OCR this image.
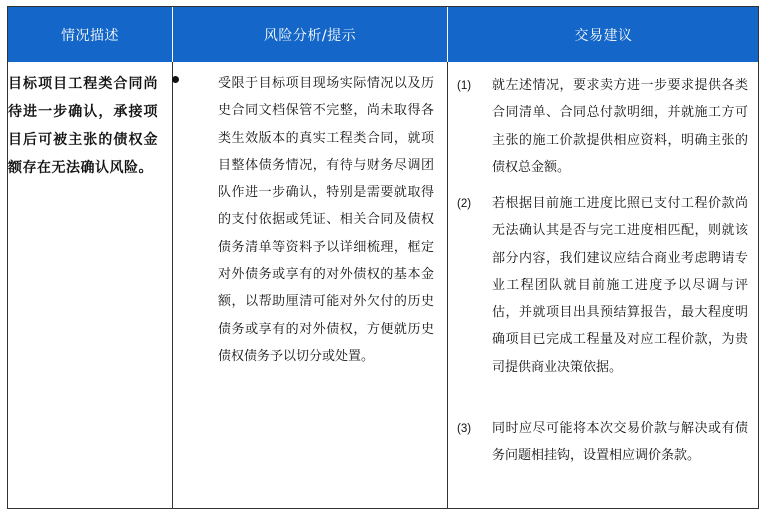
情况描述	风险分析/提示	交易建议
目标项目工程类合同尚待进一步确认，承接项目后可被主张的债权金额存在无法确认风险。
受限于目标项目现场实际情况以及历史合同文档保管不完整，尚未取得各类生效版本的真实工程类合同，就项目整体债务情况，有待与财务尽调团队作进一步确认，特别是需要就取得的支付依据或凭证、相关合同及债权债务清单等资料予以详细梳理，框定对外债务或享有的对外债权的基本金额，以帮助厘清可能对外欠付的历史债务或享有的对外债权，方便就历史债权债务予以切分或处置。
(1) 就左述情况，要求卖方进一步要求提供各类合同清单、合同总付款明细，并就施工方可主张的施工价款提供相应资料，明确主张的债权总金额。
(2) 若根据目前施工进度比照已支付工程价款尚无法确认其是否与完工进度相匹配，则就该部分内容，我们建议应结合商业考虑聘请专业工程团队就目前施工进度予以尽调与评估，并就项目出具预结算报告，最大程度明确项目已完成工程量及对应工程价款，为贵司提供商业决策依据。
(3) 同时应尽可能将本次交易价款与解决或有债务问题相挂钩，设置相应调价条款。
